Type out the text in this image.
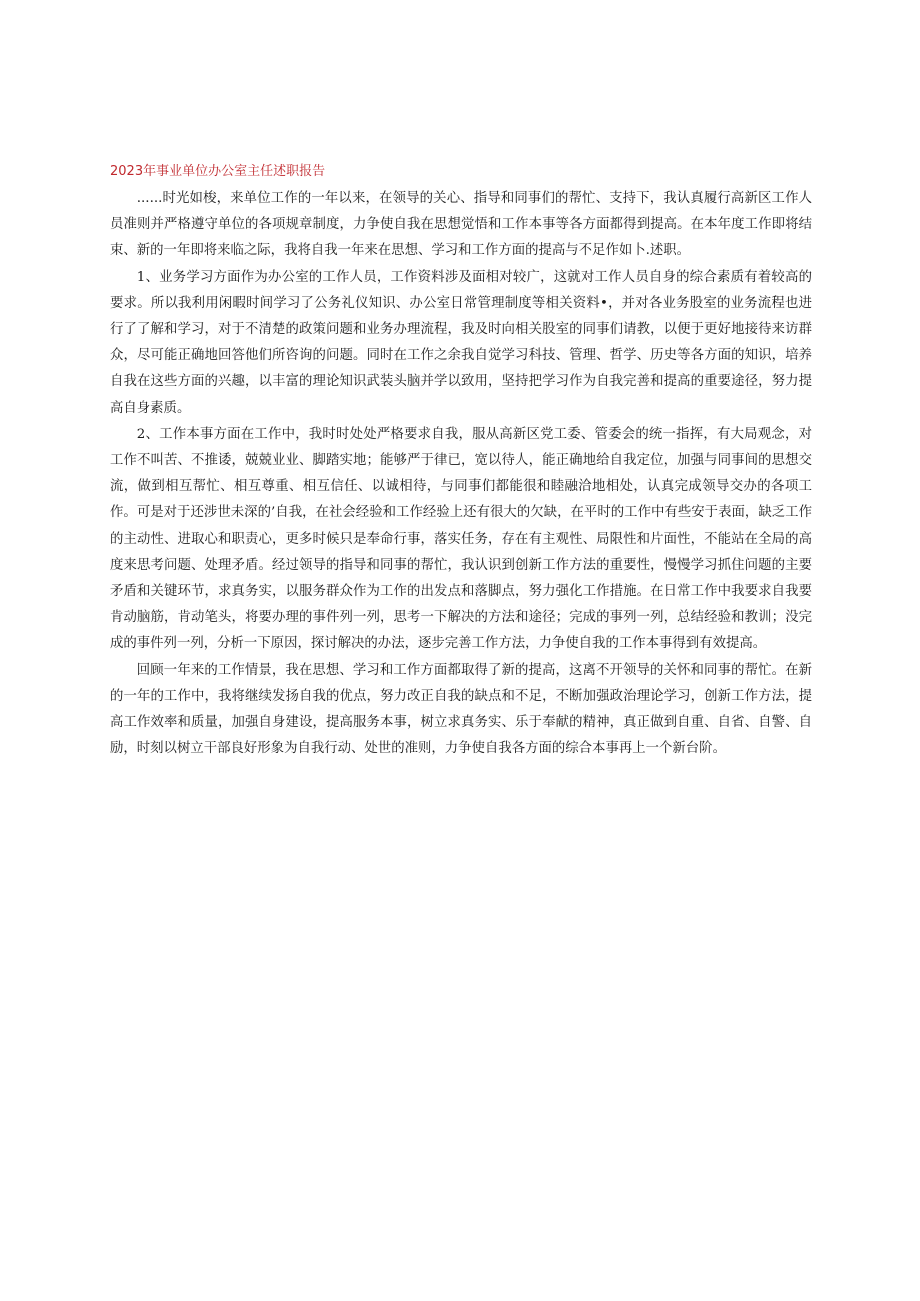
2023年事业单位办公室主任述职报告

......时光如梭，来单位工作的一年以来，在领导的关心、指导和同事们的帮忙、支持下，我认真履行高新区工作人员准则并严格遵守单位的各项规章制度，力争使自我在思想觉悟和工作本事等各方面都得到提高。在本年度工作即将结束、新的一年即将来临之际，我将自我一年来在思想、学习和工作方面的提高与不足作如卜.述职。

1、业务学习方面作为办公室的工作人员，工作资料涉及面相对较广，这就对工作人员自身的综合素质有着较高的要求。所以我利用闲暇时间学习了公务礼仪知识、办公室日常管理制度等相关资料•，并对各业务股室的业务流程也进行了了解和学习，对于不清楚的政策问题和业务办理流程，我及时向相关股室的同事们请教，以便于更好地接待来访群众，尽可能正确地回答他们所咨询的问题。同时在工作之余我自觉学习科技、管理、哲学、历史等各方面的知识，培养自我在这些方面的兴趣，以丰富的理论知识武装头脑并学以致用，坚持把学习作为自我完善和提高的重要途径，努力提高自身素质。

2、工作本事方面在工作中，我时时处处严格要求自我，服从高新区党工委、管委会的统一指挥，有大局观念，对工作不叫苦、不推诿，兢兢业业、脚踏实地；能够严于律已，宽以待人，能正确地给自我定位，加强与同事间的思想交流，做到相互帮忙、相互尊重、相互信任、以诚相待，与同事们都能很和睦融洽地相处，认真完成领导交办的各项工作。可是对于还涉世未深的’自我，在社会经验和工作经验上还有很大的欠缺，在平时的工作中有些安于表面，缺乏工作的主动性、进取心和职责心，更多时候只是奉命行事，落实任务，存在有主观性、局限性和片面性，不能站在全局的高度来思考问题、处理矛盾。经过领导的指导和同事的帮忙，我认识到创新工作方法的重要性，慢慢学习抓住问题的主要矛盾和关键环节，求真务实，以服务群众作为工作的出发点和落脚点，努力强化工作措施。在日常工作中我要求自我要肯动脑筋，肯动笔头，将要办理的事件列一列，思考一下解决的方法和途径；完成的事列一列，总结经验和教训；没完成的事件列一列，分析一下原因，探讨解决的办法，逐步完善工作方法，力争使自我的工作本事得到有效提高。

回顾一年来的工作情景，我在思想、学习和工作方面都取得了新的提高，这离不开领导的关怀和同事的帮忙。在新的一年的工作中，我将继续发扬自我的优点，努力改正自我的缺点和不足，不断加强政治理论学习，创新工作方法，提高工作效率和质量，加强自身建设，提高服务本事，树立求真务实、乐于奉献的精神，真正做到自重、自省、自警、自励，时刻以树立干部良好形象为自我行动、处世的准则，力争使自我各方面的综合本事再上一个新台阶。
